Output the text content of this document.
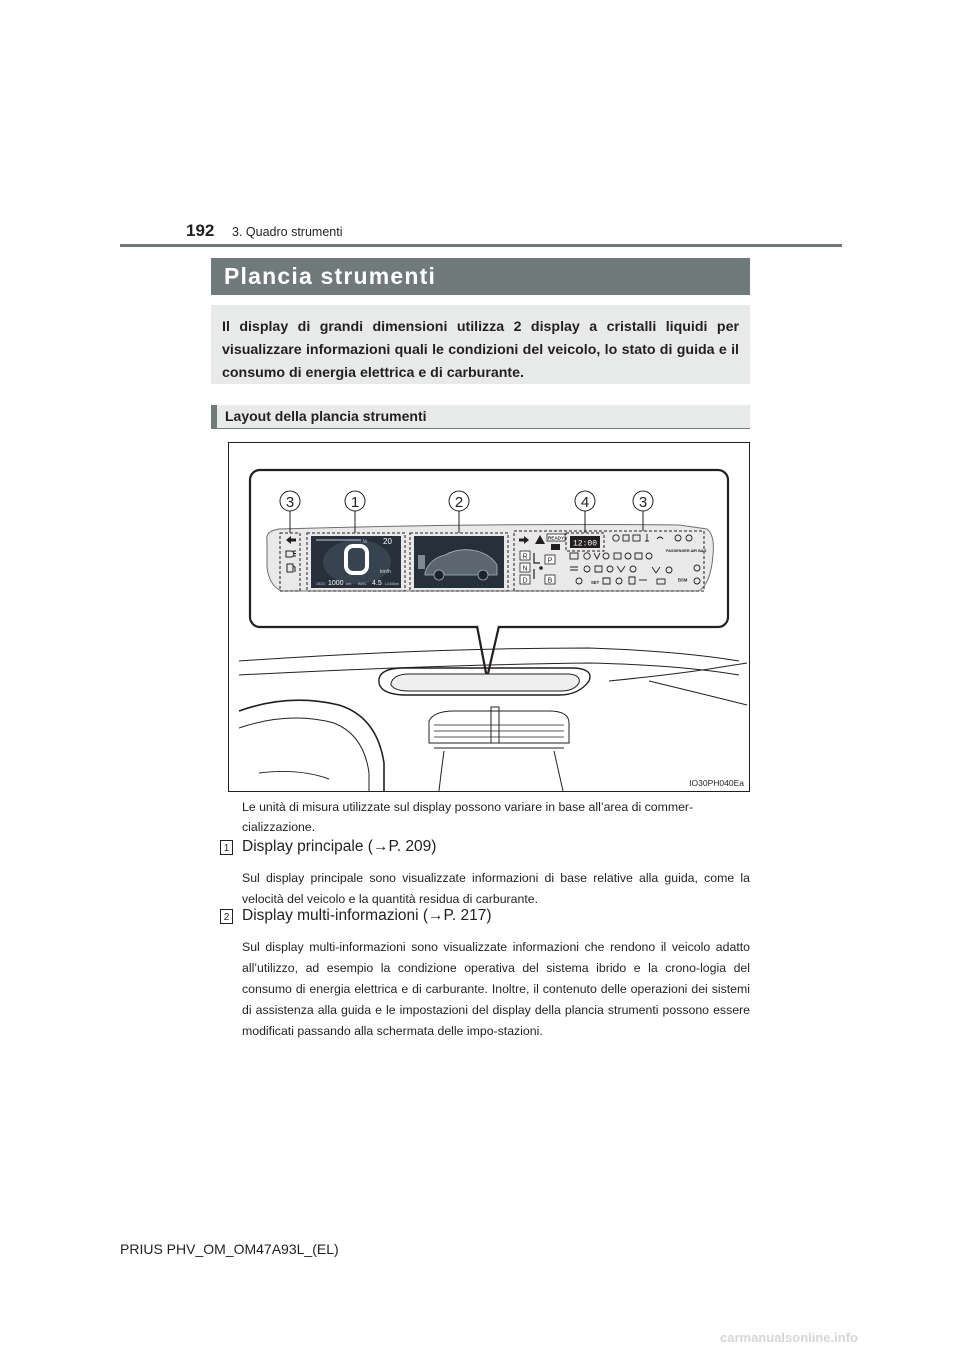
192 3. Quadro strumenti
Plancia strumenti
Il display di grandi dimensioni utilizza 2 display a cristalli liquidi per visualizzare informazioni quali le condizioni del veicolo, lo stato di guida e il consumo di energia elettrica e di carburante.
Layout della plancia strumenti
½ 20
km/h
ODO 1000 km AVG. 4.5 L/100km
12:00
READY
R
N
D
P
B
PASSENGER AIR BAG
BSM
SET
3	1	2	4	3
IO30PH040Ea
Le unità di misura utilizzate sul display possono variare in base all’area di commer-cializzazione.
1 Display principale (→P. 209)
Sul display principale sono visualizzate informazioni di base relative alla guida, come la velocità del veicolo e la quantità residua di carburante.
2 Display multi-informazioni (→P. 217)
Sul display multi-informazioni sono visualizzate informazioni che rendono il veicolo adatto all’utilizzo, ad esempio la condizione operativa del sistema ibrido e la crono-logia del consumo di energia elettrica e di carburante. Inoltre, il contenuto delle operazioni dei sistemi di assistenza alla guida e le impostazioni del display della plancia strumenti possono essere modificati passando alla schermata delle impo-stazioni.
PRIUS PHV_OM_OM47A93L_(EL)
carmanualsonline.info
